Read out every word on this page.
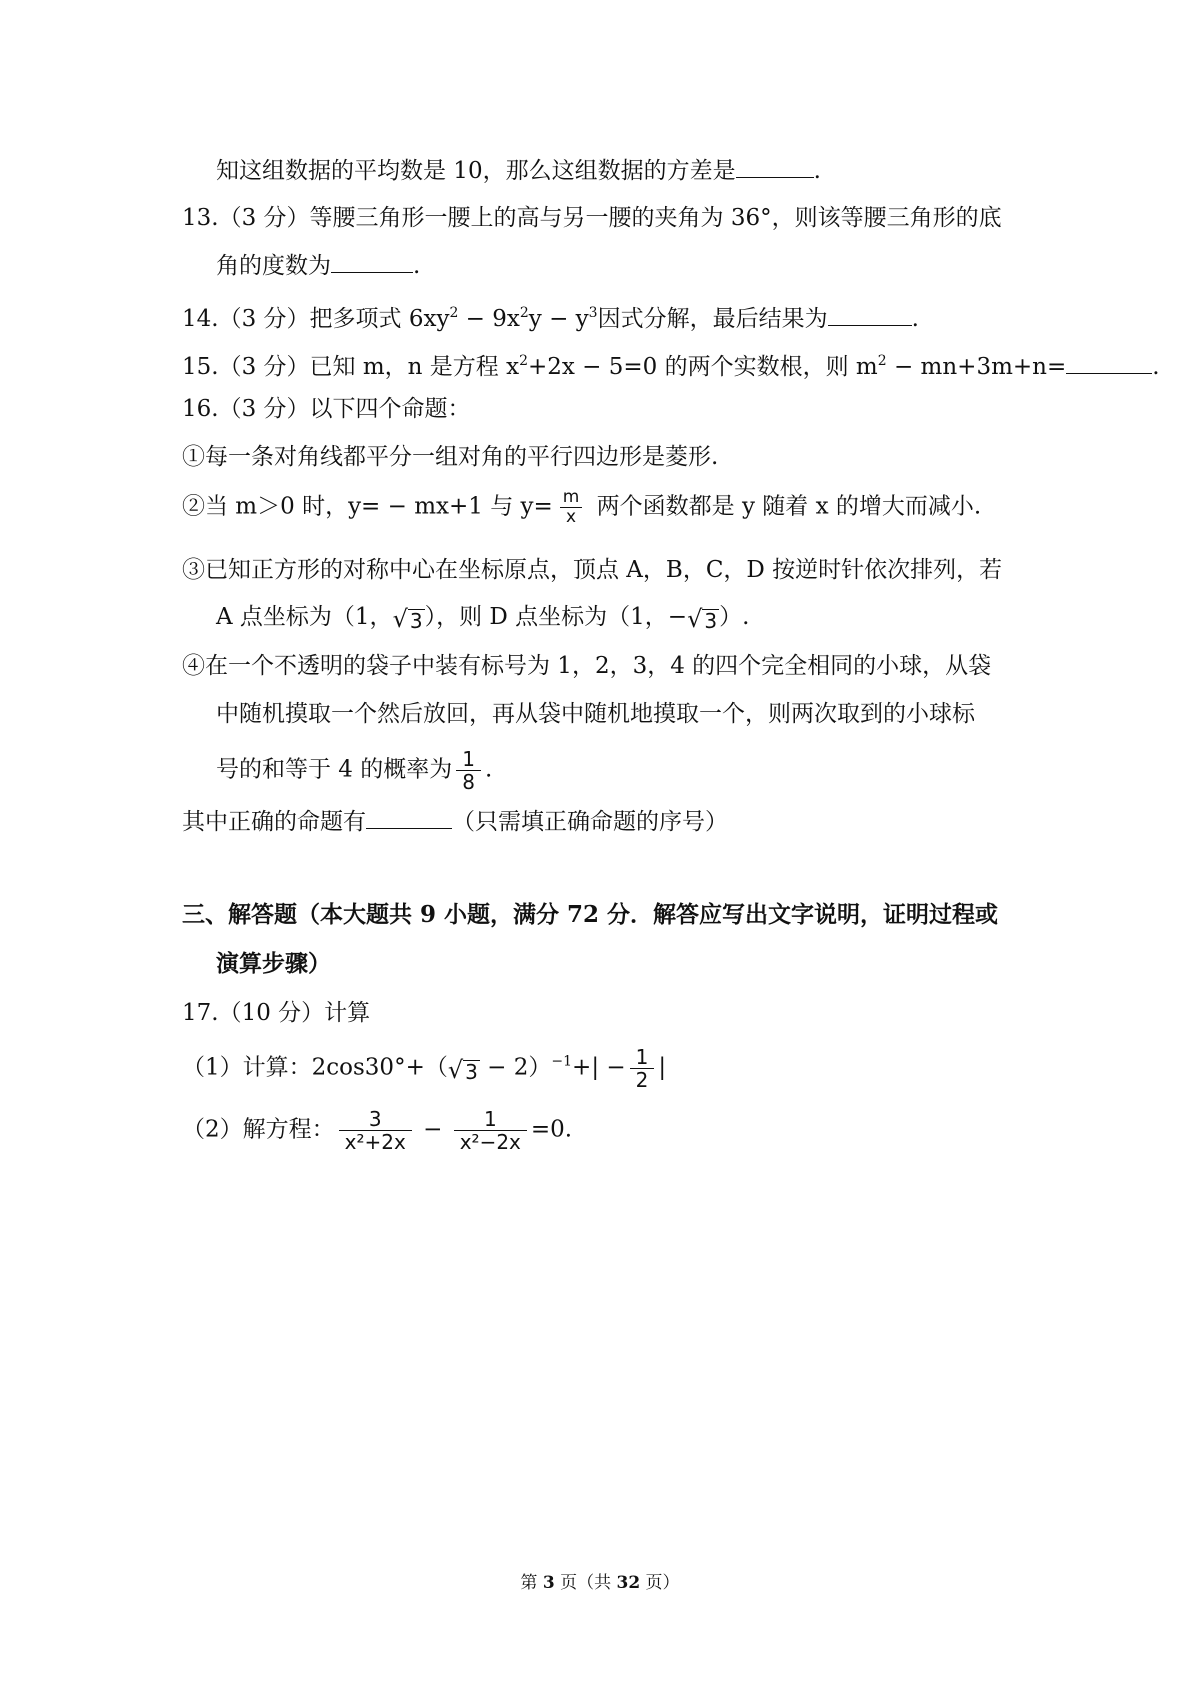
知这组数据的平均数是 10，那么这组数据的方差是	.
13.（3 分）等腰三角形一腰上的高与另一腰的夹角为 36°，则该等腰三角形的底
角的度数为	.
14.（3 分）把多项式 $6xy^2 - 9x^2y - y^3$因式分解，最后结果为	.
15.（3 分）已知 m，n 是方程 $x^2+2x - 5=0$ 的两个实数根，则 $m^2 - mn+3m+n=$	.
16.（3 分）以下四个命题：
①每一条对角线都平分一组对角的平行四边形是菱形.
②当 m＞0 时，y= − mx+1 与 $y= \frac{m}{x}$ 两个函数都是 y 随着 x 的增大而减小.
③已知正方形的对称中心在坐标原点，顶点 A，B，C，D 按逆时针依次排列，若
A 点坐标为（1， √ 3 ），则 D 点坐标为（1，− √ 3 ）.
④在一个不透明的袋子中装有标号为 1，2，3，4 的四个完全相同的小球，从袋
中随机摸取一个然后放回，再从袋中随机地摸取一个，则两次取到的小球标
号的和等于 4 的概率为 $\frac{1}{8}$ .
其中正确的命题有	（只需填正确命题的序号）
三、解答题（本大题共 9 小题，满分 72 分．解答应写出文字说明，证明过程或
演算步骤）
17.（10 分）计算
（1）计算：2cos30°+（ √ $3 - 2)^{-1}+| - \frac{1}{2}$ |
（2）解方程： $\frac{3}{\text{x²+2x}} - \frac{1}{\text{x²−2x}} =0$.
第 3 页（共 32 页）
